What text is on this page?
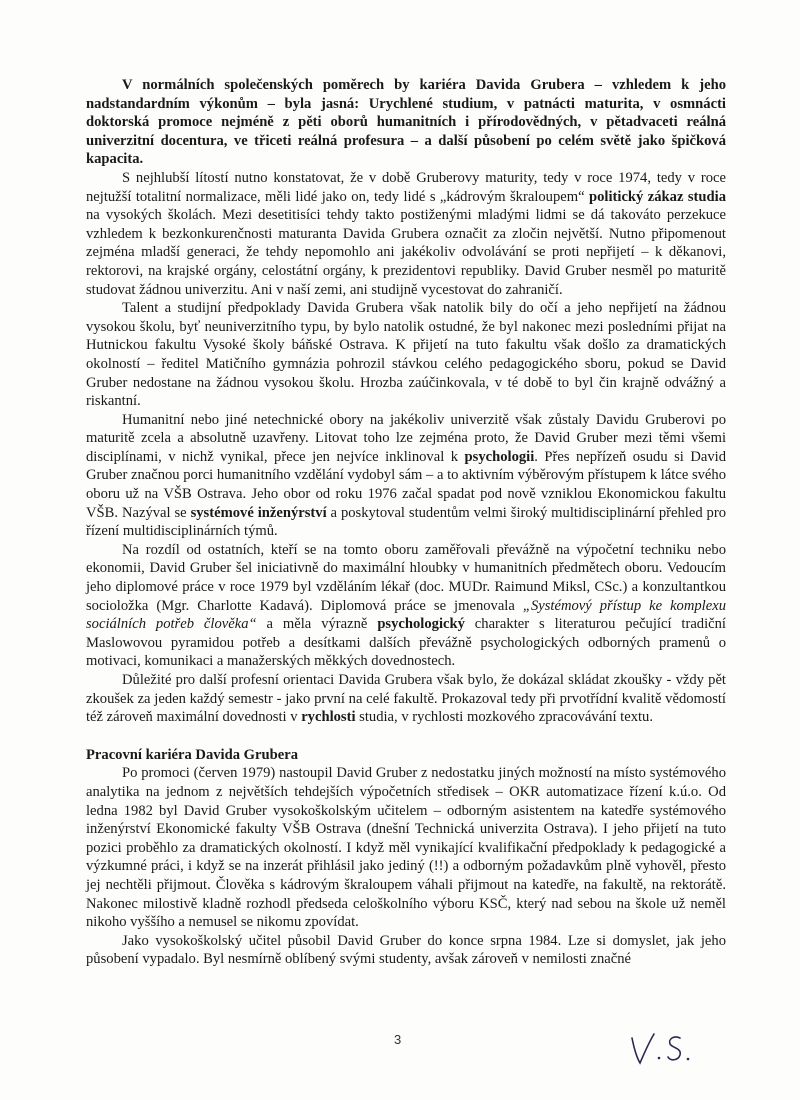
V normálních společenských poměrech by kariéra Davida Grubera – vzhledem k jeho nadstandardním výkonům – byla jasná: Urychlené studium, v patnácti maturita, v osmnácti doktorská promoce nejméně z pěti oborů humanitních i přírodovědných, v pětadvaceti reálná univerzitní docentura, ve třiceti reálná profesura – a další působení po celém světě jako špičková kapacita.

S nejhlubší lítostí nutno konstatovat, že v době Gruberovy maturity, tedy v roce 1974, tedy v roce nejtužší totalitní normalizace, měli lidé jako on, tedy lidé s „kádrovým škraloupem“ politický zákaz studia na vysokých školách. Mezi desetitisíci tehdy takto postiženými mladými lidmi se dá takováto perzekuce vzhledem k bezkonkurenčnosti maturanta Davida Grubera označit za zločin největší. Nutno připomenout zejména mladší generaci, že tehdy nepomohlo ani jakékoliv odvolávání se proti nepřijetí – k děkanovi, rektorovi, na krajské orgány, celostátní orgány, k prezidentovi republiky. David Gruber nesměl po maturitě studovat žádnou univerzitu. Ani v naší zemi, ani studijně vycestovat do zahraničí.

Talent a studijní předpoklady Davida Grubera však natolik bily do očí a jeho nepřijetí na žádnou vysokou školu, byť neuniverzitního typu, by bylo natolik ostudné, že byl nakonec mezi posledními přijat na Hutnickou fakultu Vysoké školy báňské Ostrava. K přijetí na tuto fakultu však došlo za dramatických okolností – ředitel Matičního gymnázia pohrozil stávkou celého pedagogického sboru, pokud se David Gruber nedostane na žádnou vysokou školu. Hrozba zaúčinkovala, v té době to byl čin krajně odvážný a riskantní.

Humanitní nebo jiné netechnické obory na jakékoliv univerzitě však zůstaly Davidu Gruberovi po maturitě zcela a absolutně uzavřeny. Litovat toho lze zejména proto, že David Gruber mezi těmi všemi disciplínami, v nichž vynikal, přece jen nejvíce inklinoval k psychologii. Přes nepřízeň osudu si David Gruber značnou porci humanitního vzdělání vydobyl sám – a to aktivním výběrovým přístupem k látce svého oboru už na VŠB Ostrava. Jeho obor od roku 1976 začal spadat pod nově vzniklou Ekonomickou fakultu VŠB. Nazýval se systémové inženýrství a poskytoval studentům velmi široký multidisciplinární přehled pro řízení multidisciplinárních týmů.

Na rozdíl od ostatních, kteří se na tomto oboru zaměřovali převážně na výpočetní techniku nebo ekonomii, David Gruber šel iniciativně do maximální hloubky v humanitních předmětech oboru. Vedoucím jeho diplomové práce v roce 1979 byl vzděláním lékař (doc. MUDr. Raimund Miksl, CSc.) a konzultantkou socioložka (Mgr. Charlotte Kadavá). Diplomová práce se jmenovala „Systémový přístup ke komplexu sociálních potřeb člověka“ a měla výrazně psychologický charakter s literaturou pečující tradiční Maslowovou pyramidou potřeb a desítkami dalších převážně psychologických odborných pramenů o motivaci, komunikaci a manažerských měkkých dovednostech.

Důležité pro další profesní orientaci Davida Grubera však bylo, že dokázal skládat zkoušky - vždy pět zkoušek za jeden každý semestr - jako první na celé fakultě. Prokazoval tedy při prvotřídní kvalitě vědomostí též zároveň maximální dovednosti v rychlosti studia, v rychlosti mozkového zpracovávání textu.

Pracovní kariéra Davida Grubera

Po promoci (červen 1979) nastoupil David Gruber z nedostatku jiných možností na místo systémového analytika na jednom z největších tehdejších výpočetních středisek – OKR automatizace řízení k.ú.o. Od ledna 1982 byl David Gruber vysokoškolským učitelem – odborným asistentem na katedře systémového inženýrství Ekonomické fakulty VŠB Ostrava (dnešní Technická univerzita Ostrava). I jeho přijetí na tuto pozici proběhlo za dramatických okolností. I když měl vynikající kvalifikační předpoklady k pedagogické a výzkumné práci, i když se na inzerát přihlásil jako jediný (!!) a odborným požadavkům plně vyhověl, přesto jej nechtěli přijmout. Člověka s kádrovým škraloupem váhali přijmout na katedře, na fakultě, na rektorátě. Nakonec milostivě kladně rozhodl předseda celoškolního výboru KSČ, který nad sebou na škole už neměl nikoho vyššího a nemusel se nikomu zpovídat.

Jako vysokoškolský učitel působil David Gruber do konce srpna 1984. Lze si domyslet, jak jeho působení vypadalo. Byl nesmírně oblíbený svými studenty, avšak zároveň v nemilosti značné

3
